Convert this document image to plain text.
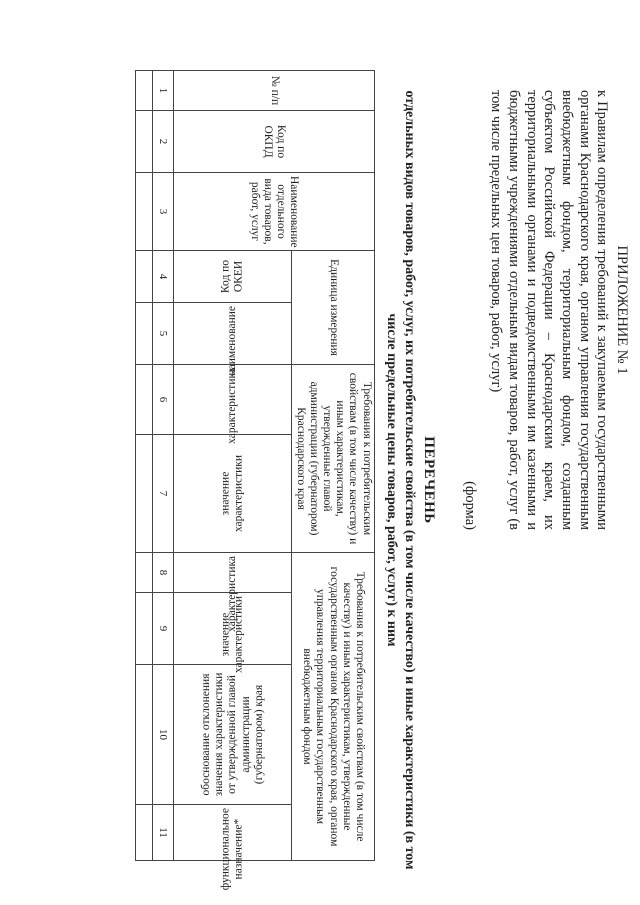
ПРИЛОЖЕНИЕ № 1
к Правилам определения требований к закупаемым государственными органами Краснодарского края, органом управления государственным внебюджетным фондом, территориальным фондом, созданным субъектом Российской Федерации – Краснодарским краем, их территориальными органами и подведомственными им казенными и бюджетными учреждениями отдельным видам товаров, работ, услуг (в том числе предельных цен товаров, работ, услуг)
(форма)
ПЕРЕЧЕНЬ
отдельных видов товаров, работ, услуг, их потребительские свойства (в том числе качество) и иные характеристики (в том числе предельные цены товаров, работ, услуг) к ним
№ п/п	Код по ОКПД	Наименование отдельного вида товаров, работ, услуг	Единица измерения		Требования к потребительским свойствам (в том числе качеству) и иным характеристикам, утвержденные главой администрации (губернатором) Краснодарского края		Требования к потребительским свойствам (в том числе качеству) и иным характеристикам, утвержденные государственным органом Краснодарского края, органом управления территориальным государственным внебюджетным фондом			
			Код по ОКЕИ	наименование	характеристика	значение характеристики	характеристика	значение характеристики	обоснование отклонения значения характеристики от утвержденной главой администрации (губернатором) края	функциональное назначение*
1	2	3	4	5	6	7	8	9	10	11
